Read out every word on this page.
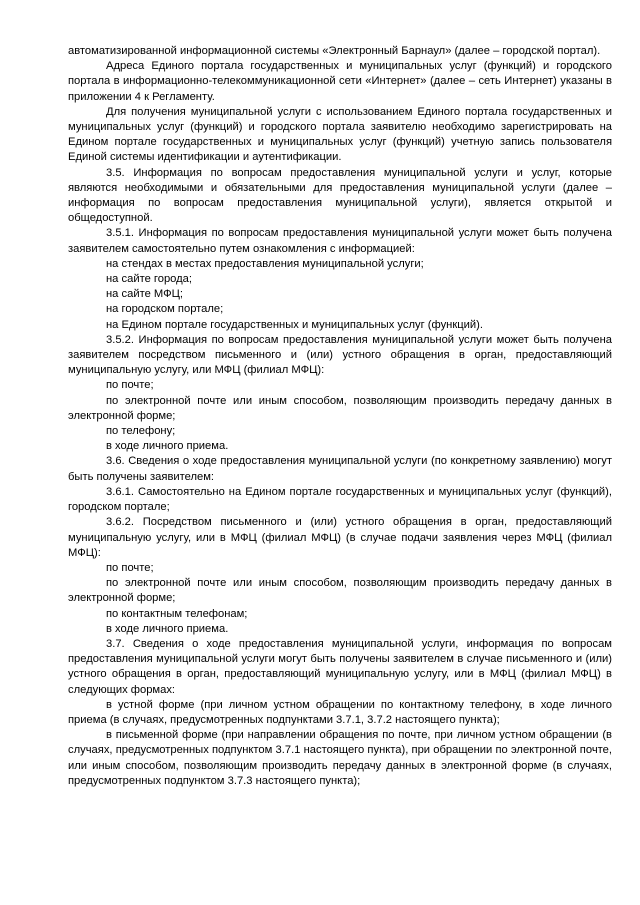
автоматизированной информационной системы «Электронный Барнаул» (далее – городской портал).

Адреса Единого портала государственных и муниципальных услуг (функций) и городского портала в информационно-телекоммуникационной сети «Интернет» (далее – сеть Интернет) указаны в приложении 4 к Регламенту.

Для получения муниципальной услуги с использованием Единого портала государственных и муниципальных услуг (функций) и городского портала заявителю необходимо зарегистрировать на Едином портале государственных и муниципальных услуг (функций) учетную запись пользователя Единой системы идентификации и аутентификации.

3.5. Информация по вопросам предоставления муниципальной услуги и услуг, которые являются необходимыми и обязательными для предоставления муниципальной услуги (далее – информация по вопросам предоставления муниципальной услуги), является открытой и общедоступной.

3.5.1. Информация по вопросам предоставления муниципальной услуги может быть получена заявителем самостоятельно путем ознакомления с информацией:

на стендах в местах предоставления муниципальной услуги;

на сайте города;

на сайте МФЦ;

на городском портале;

на Едином портале государственных и муниципальных услуг (функций).

3.5.2. Информация по вопросам предоставления муниципальной услуги может быть получена заявителем посредством письменного и (или) устного обращения в орган, предоставляющий муниципальную услугу, или МФЦ (филиал МФЦ):

по почте;

по электронной почте или иным способом, позволяющим производить передачу данных в электронной форме;

по телефону;

в ходе личного приема.

3.6. Сведения о ходе предоставления муниципальной услуги (по конкретному заявлению) могут быть получены заявителем:

3.6.1. Самостоятельно на Едином портале государственных и муниципальных услуг (функций), городском портале;

3.6.2. Посредством письменного и (или) устного обращения в орган, предоставляющий муниципальную услугу, или в МФЦ (филиал МФЦ) (в случае подачи заявления через МФЦ (филиал МФЦ):

по почте;

по электронной почте или иным способом, позволяющим производить передачу данных в электронной форме;

по контактным телефонам;

в ходе личного приема.

3.7. Сведения о ходе предоставления муниципальной услуги, информация по вопросам предоставления муниципальной услуги могут быть получены заявителем в случае письменного и (или) устного обращения в орган, предоставляющий муниципальную услугу, или в МФЦ (филиал МФЦ) в следующих формах:

в устной форме (при личном устном обращении по контактному телефону, в ходе личного приема (в случаях, предусмотренных подпунктами 3.7.1, 3.7.2 настоящего пункта);

в письменной форме (при направлении обращения по почте, при личном устном обращении (в случаях, предусмотренных подпунктом 3.7.1 настоящего пункта), при обращении по электронной почте, или иным способом, позволяющим производить передачу данных в электронной форме (в случаях, предусмотренных подпунктом 3.7.3 настоящего пункта);
